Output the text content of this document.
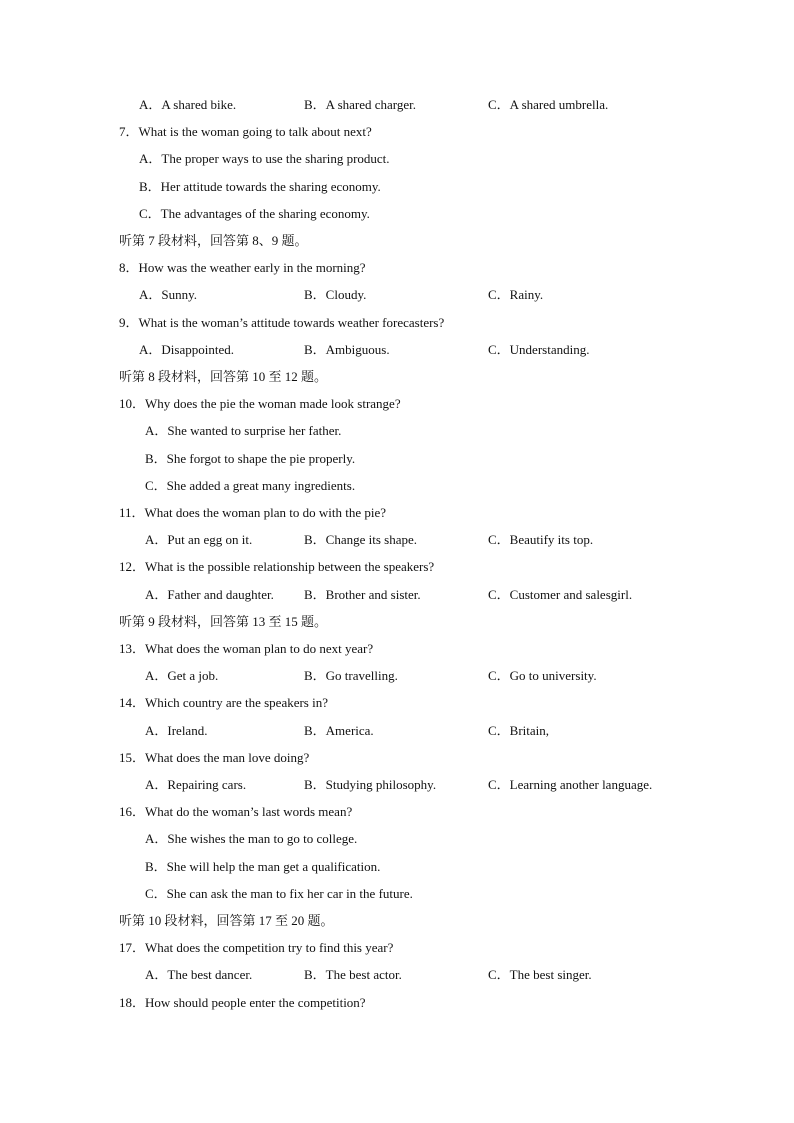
A．A shared bike.	B．A shared charger.	C．A shared umbrella.
7．What is the woman going to talk about next?
A．The proper ways to use the sharing product.
B．Her attitude towards the sharing economy.
C．The advantages of the sharing economy.
听第 7 段材料，回答第 8、9 题。
8．How was the weather early in the morning?
A．Sunny.	B．Cloudy.	C．Rainy.
9．What is the woman’s attitude towards weather forecasters?
A．Disappointed.	B．Ambiguous.	C．Understanding.
听第 8 段材料，回答第 10 至 12 题。
10．Why does the pie the woman made look strange?
A．She wanted to surprise her father.
B．She forgot to shape the pie properly.
C．She added a great many ingredients.
11．What does the woman plan to do with the pie?
A．Put an egg on it.	B．Change its shape.	C．Beautify its top.
12．What is the possible relationship between the speakers?
A．Father and daughter. B．Brother and sister.	C．Customer and salesgirl.
听第 9 段材料，回答第 13 至 15 题。
13．What does the woman plan to do next year?
A．Get a job.	B．Go travelling.	C．Go to university.
14．Which country are the speakers in?
A．Ireland.	B．America.	C．Britain,
15．What does the man love doing?
A．Repairing cars.	B．Studying philosophy.	C．Learning another language.
16．What do the woman’s last words mean?
A．She wishes the man to go to college.
B．She will help the man get a qualification.
C．She can ask the man to fix her car in the future.
听第 10 段材料，回答第 17 至 20 题。
17．What does the competition try to find this year?
A．The best dancer.	B．The best actor.	C．The best singer.
18．How should people enter the competition?
